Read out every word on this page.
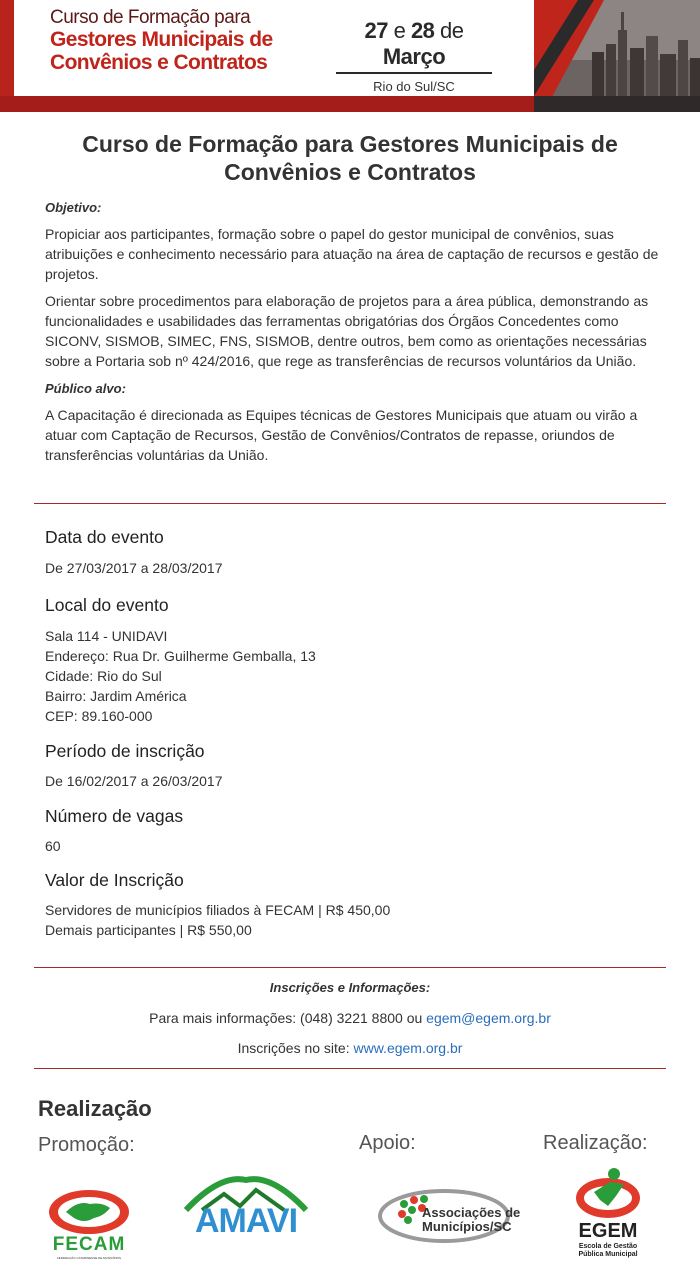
Curso de Formação para
Gestores Municipais de
Convênios e Contratos
27 e 28 de Março
Rio do Sul/SC
Curso de Formação para Gestores Municipais de Convênios e Contratos
Objetivo:

Propiciar aos participantes, formação sobre o papel do gestor municipal de convênios, suas atribuições e conhecimento necessário para atuação na área de captação de recursos e gestão de projetos.

Orientar sobre procedimentos para elaboração de projetos para a área pública, demonstrando as funcionalidades e usabilidades das ferramentas obrigatórias dos Órgãos Concedentes como SICONV, SISMOB, SIMEC, FNS, SISMOB, dentre outros, bem como as orientações necessárias sobre a Portaria sob nº 424/2016, que rege as transferências de recursos voluntários da União.

Público alvo:

A Capacitação é direcionada as Equipes técnicas de Gestores Municipais que atuam ou virão a atuar com Captação de Recursos, Gestão de Convênios/Contratos de repasse, oriundos de transferências voluntárias da União.

Data do evento
De 27/03/2017 a 28/03/2017
Local do evento
Sala 114 - UNIDAVI
Endereço: Rua Dr. Guilherme Gemballa, 13
Cidade: Rio do Sul
Bairro: Jardim América
CEP: 89.160-000
Período de inscrição
De 16/02/2017 a 26/03/2017
Número de vagas
60
Valor de Inscrição
Servidores de municípios filiados à FECAM | R$ 450,00
Demais participantes | R$ 550,00
Inscrições e Informações:
Para mais informações: (048) 3221 8800 ou egem@egem.org.br
Inscrições no site: www.egem.org.br
Realização
Promoção:	Apoio:	Realização:
FECAM
FEDERAÇÃO CATARINENSE DE MUNICÍPIOS
AMAVI	Associações de
Municípios/SC	EGEM
Escola de Gestão
Pública Municipal
